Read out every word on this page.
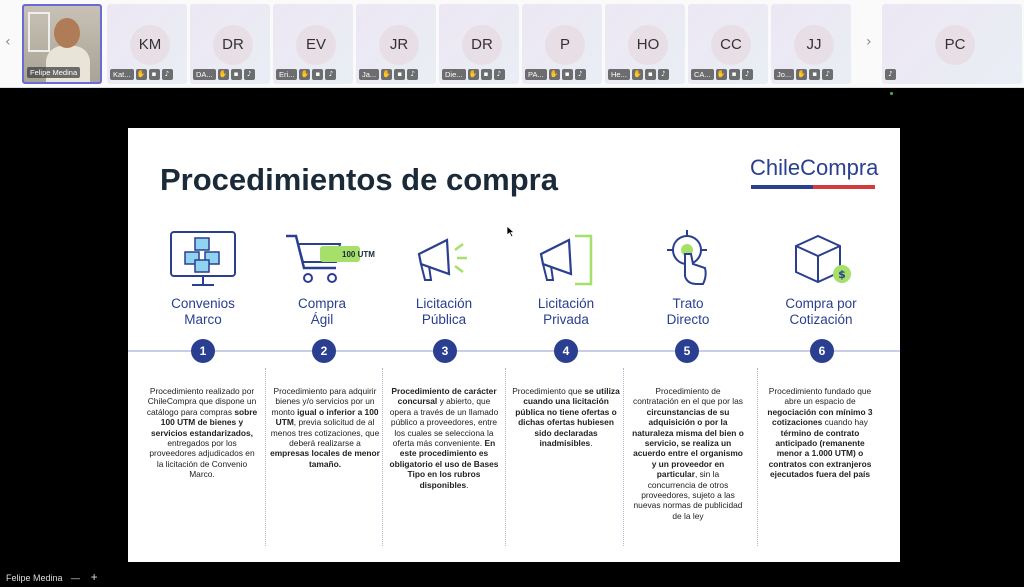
Felipe Medina
‹	KM
Kat... ✋ ▪	♪
DR
DA... ✋ ▪	♪
EV
Eri... ✋ ▪	♪
JR
Ja... ✋ ▪	♪
DR
Die... ✋ ▪	♪
P
PA... ✋ ▪	♪
HO
He... ✋ ▪	♪
CC
CA... ✋ ▪	♪
JJ
Jo... ✋ ▪	♪
›	PC
♪
Procedimientos de compra	ChileCompra
Convenios
Marco
100 UTM
Compra
Ágil
Licitación
Pública
Licitación
Privada
Trato
Directo
$
Compra por
Cotización
1	2	3	4	5	6
Procedimiento realizado por ChileCompra que dispone un catálogo para compras sobre 100 UTM de bienes y servicios estandarizados, entregados por los proveedores adjudicados en la licitación de Convenio Marco.
Procedimiento para adquirir bienes y/o servicios por un monto igual o inferior a 100 UTM, previa solicitud de al menos tres cotizaciones, que deberá realizarse a empresas locales de menor tamaño.
Procedimiento de carácter concursal y abierto, que opera a través de un llamado público a proveedores, entre los cuales se selecciona la oferta más conveniente. En este procedimiento es obligatorio el uso de Bases Tipo en los rubros disponibles.
Procedimiento que se utiliza cuando una licitación pública no tiene ofertas o dichas ofertas hubiesen sido declaradas inadmisibles.
Procedimiento de contratación en el que por las circunstancias de su adquisición o por la naturaleza misma del bien o servicio, se realiza un acuerdo entre el organismo y un proveedor en particular, sin la concurrencia de otros proveedores, sujeto a las nuevas normas de publicidad de la ley
Procedimiento fundado que abre un espacio de negociación con mínimo 3 cotizaciones cuando hay término de contrato anticipado (remanente menor a 1.000 UTM) o contratos con extranjeros ejecutados fuera del país
Felipe Medina — +
